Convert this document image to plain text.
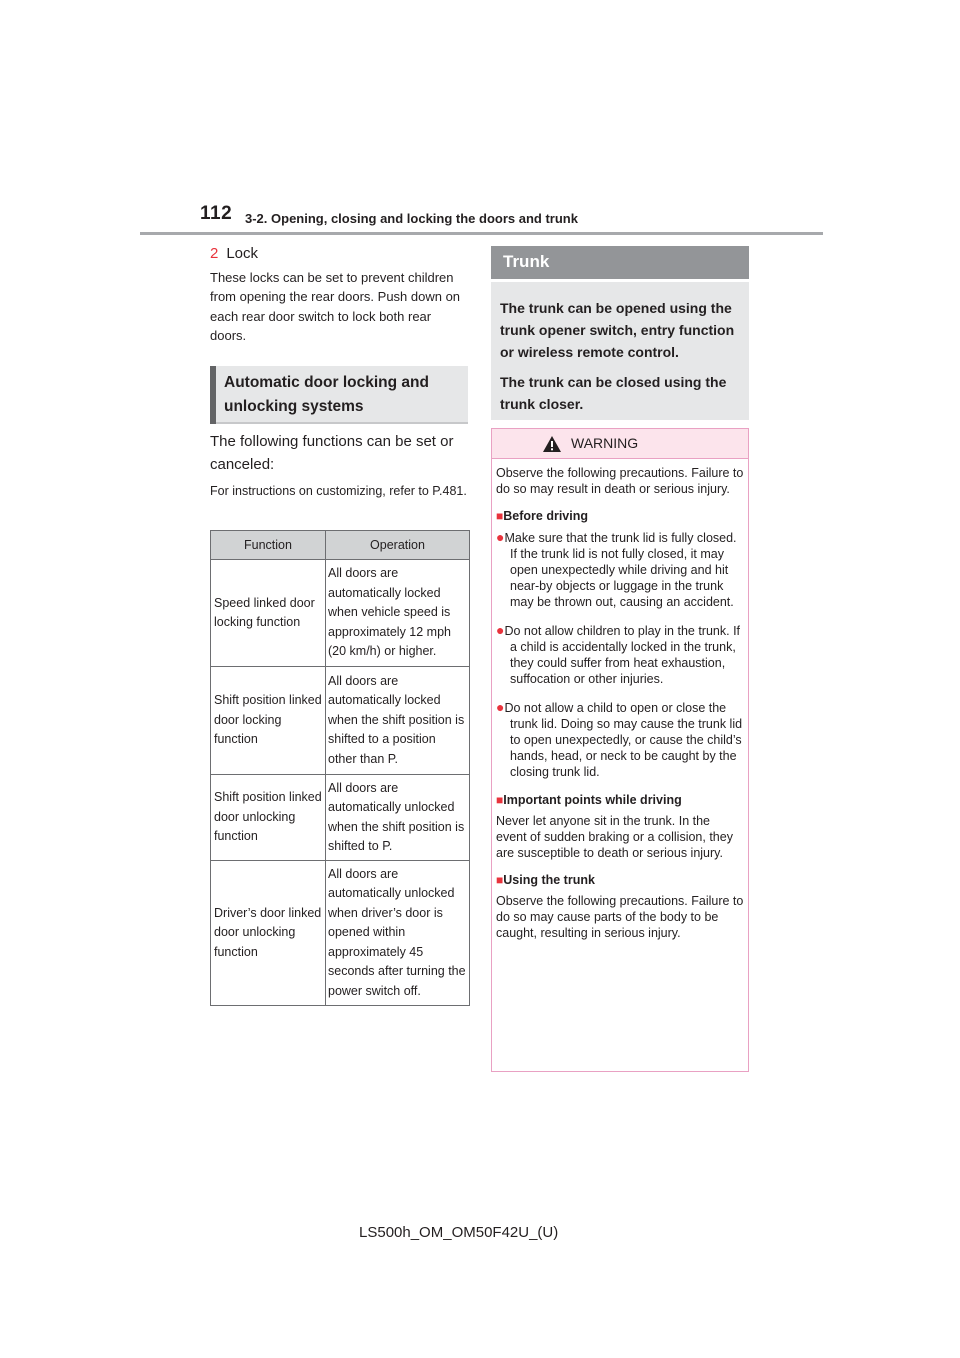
112 3-2. Opening, closing and locking the doors and trunk
2 Lock
These locks can be set to prevent children from opening the rear doors. Push down on each rear door switch to lock both rear doors.
Automatic door locking and unlocking systems
The following functions can be set or canceled:
For instructions on customizing, refer to P.481.
Function	Operation
Speed linked door locking function	All doors are automatically locked when vehicle speed is approximately 12 mph (20 km/h) or higher.
Shift position linked door locking function	All doors are automatically locked when the shift position is shifted to a position other than P.
Shift position linked door unlocking function	All doors are automatically unlocked when the shift position is shifted to P.
Driver’s door linked door unlocking function	All doors are automatically unlocked when driver’s door is opened within approximately 45 seconds after turning the power switch off.
Trunk

The trunk can be opened using the trunk opener switch, entry function or wireless remote control.

The trunk can be closed using the trunk closer.

WARNING

Observe the following precautions. Failure to do so may result in death or serious injury.

■Before driving

●Make sure that the trunk lid is fully closed. If the trunk lid is not fully closed, it may open unexpectedly while driving and hit near-by objects or luggage in the trunk may be thrown out, causing an accident.

●Do not allow children to play in the trunk. If a child is accidentally locked in the trunk, they could suffer from heat exhaustion, suffocation or other injuries.

●Do not allow a child to open or close the trunk lid. Doing so may cause the trunk lid to open unexpectedly, or cause the child’s hands, head, or neck to be caught by the closing trunk lid.

■Important points while driving

Never let anyone sit in the trunk. In the event of sudden braking or a collision, they are susceptible to death or serious injury.

■Using the trunk

Observe the following precautions. Failure to do so may cause parts of the body to be caught, resulting in serious injury.

LS500h_OM_OM50F42U_(U)
